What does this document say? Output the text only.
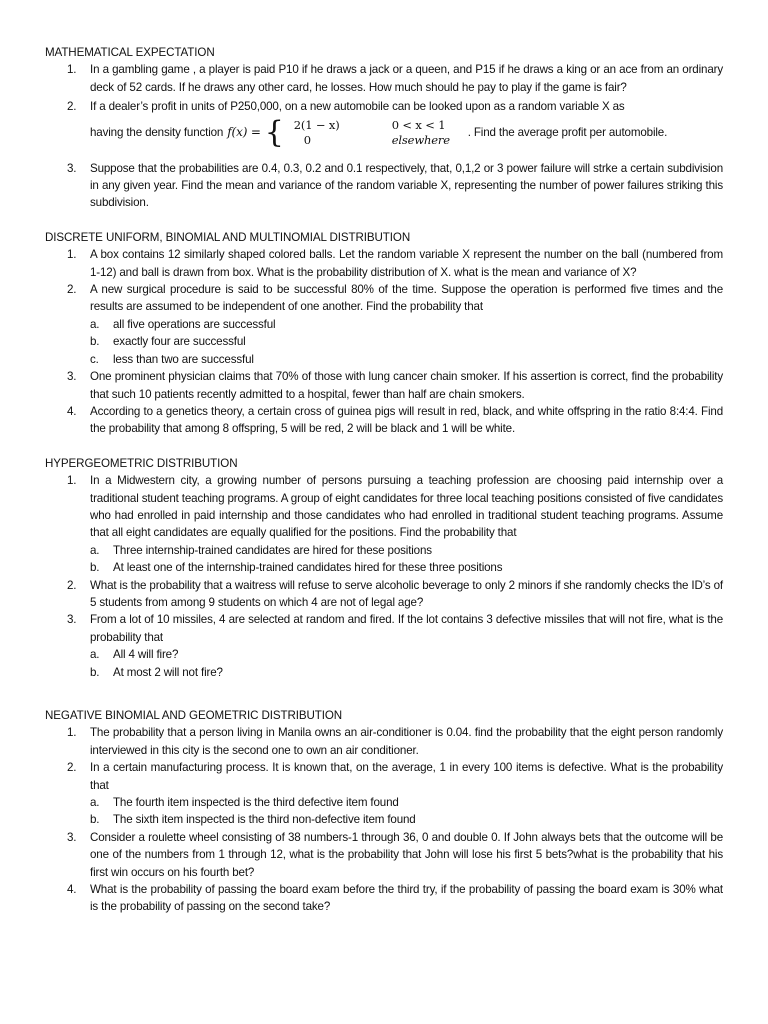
MATHEMATICAL EXPECTATION
1. In a gambling game , a player is paid P10 if he draws a jack or a queen, and P15 if he draws a king or an ace from an ordinary deck of 52 cards. If he draws any other card, he losses. How much should he pay to play if the game is fair?
2. If a dealer’s profit in units of P250,000, on a new automobile can be looked upon as a random variable X as
having the density function f(x) = { 2(1 − x)	0 < x < 1
0	elsewhere
. Find the average profit per automobile.
3. Suppose that the probabilities are 0.4, 0.3, 0.2 and 0.1 respectively, that, 0,1,2 or 3 power failure will strke a certain subdivision in any given year. Find the mean and variance of the random variable X, representing the number of power failures striking this subdivision.
DISCRETE UNIFORM, BINOMIAL AND MULTINOMIAL DISTRIBUTION
1. A box contains 12 similarly shaped colored balls. Let the random variable X represent the number on the ball (numbered from 1-12) and ball is drawn from box. What is the probability distribution of X. what is the mean and variance of X?
2. A new surgical procedure is said to be successful 80% of the time. Suppose the operation is performed five times and the results are assumed to be independent of one another. Find the probability that
a. all five operations are successful
b. exactly four are successful
c. less than two are successful
3. One prominent physician claims that 70% of those with lung cancer chain smoker. If his assertion is correct, find the probability that such 10 patients recently admitted to a hospital, fewer than half are chain smokers.
4. According to a genetics theory, a certain cross of guinea pigs will result in red, black, and white offspring in the ratio 8:4:4. Find the probability that among 8 offspring, 5 will be red, 2 will be black and 1 will be white.
HYPERGEOMETRIC DISTRIBUTION
1. In a Midwestern city, a growing number of persons pursuing a teaching profession are choosing paid internship over a traditional student teaching programs. A group of eight candidates for three local teaching positions consisted of five candidates who had enrolled in paid internship and those candidates who had enrolled in traditional student teaching programs. Assume that all eight candidates are equally qualified for the positions. Find the probability that
a. Three internship-trained candidates are hired for these positions
b. At least one of the internship-trained candidates hired for these three positions
2. What is the probability that a waitress will refuse to serve alcoholic beverage to only 2 minors if she randomly checks the ID’s of 5 students from among 9 students on which 4 are not of legal age?
3. From a lot of 10 missiles, 4 are selected at random and fired. If the lot contains 3 defective missiles that will not fire, what is the probability that
a. All 4 will fire?
b. At most 2 will not fire?
NEGATIVE BINOMIAL AND GEOMETRIC DISTRIBUTION
1. The probability that a person living in Manila owns an air-conditioner is 0.04. find the probability that the eight person randomly interviewed in this city is the second one to own an air conditioner.
2. In a certain manufacturing process. It is known that, on the average, 1 in every 100 items is defective. What is the probability that
a. The fourth item inspected is the third defective item found
b. The sixth item inspected is the third non-defective item found
3. Consider a roulette wheel consisting of 38 numbers-1 through 36, 0 and double 0. If John always bets that the outcome will be one of the numbers from 1 through 12, what is the probability that John will lose his first 5 bets?what is the probability that his first win occurs on his fourth bet?
4. What is the probability of passing the board exam before the third try, if the probability of passing the board exam is 30% what is the probability of passing on the second take?
